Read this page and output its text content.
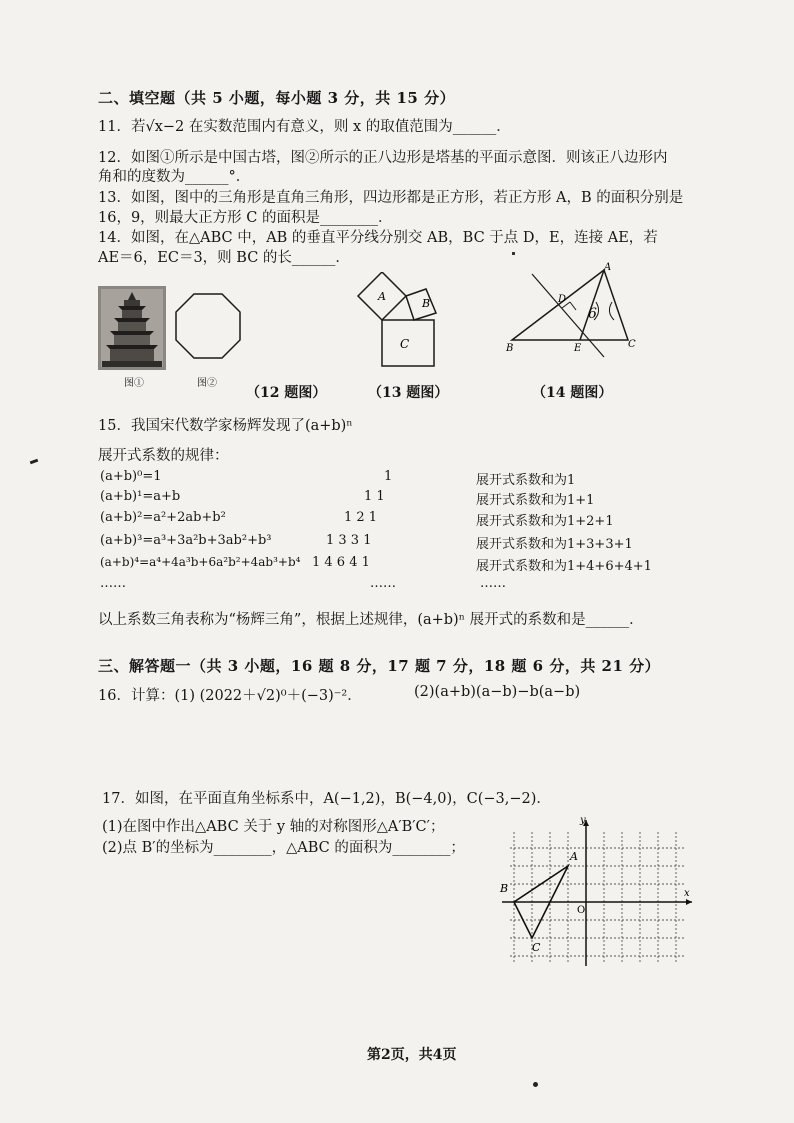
二、填空题（共 5 小题，每小题 3 分，共 15 分）
11．若√x−2 在实数范围内有意义，则 x 的取值范围为______．
12．如图①所示是中国古塔，图②所示的正八边形是塔基的平面示意图．则该正八边形内
角和的度数为______°．
13．如图，图中的三角形是直角三角形，四边形都是正方形，若正方形 A，B 的面积分别是
16，9，则最大正方形 C 的面积是________．
14．如图，在△ABC 中，AB 的垂直平分线分别交 AB，BC 于点 D，E，连接 AE，若
AE＝6，EC＝3，则 BC 的长______．
图①	图②
（12 题图）
A
B
C
（13 题图）
A
B	C
D
E
6
（14 题图）
15．我国宋代数学家杨辉发现了(a+b)ⁿ
展开式系数的规律：
(a+b)⁰=1	1	展开式系数和为1
(a+b)¹=a+b	1 1	展开式系数和为1+1
(a+b)²=a²+2ab+b²	1 2 1	展开式系数和为1+2+1
(a+b)³=a³+3a²b+3ab²+b³	1 3 3 1	展开式系数和为1+3+3+1
(a+b)⁴=a⁴+4a³b+6a²b²+4ab³+b⁴ 1 4 6 4 1	展开式系数和为1+4+6+4+1
……	……	……
以上系数三角表称为“杨辉三角”，根据上述规律，(a+b)ⁿ 展开式的系数和是______．
三、解答题一（共 3 小题，16 题 8 分，17 题 7 分，18 题 6 分，共 21 分）
16．计算：(1) (2022＋√2)⁰＋(−3)⁻²．	(2)(a+b)(a−b)−b(a−b)
17．如图，在平面直角坐标系中，A(−1,2)，B(−4,0)，C(−3,−2)．
(1)在图中作出△ABC 关于 y 轴的对称图形△A′B′C′；
(2)点 B′的坐标为________，△ABC 的面积为________；
x
y
O
A
B
C
第2页，共4页
